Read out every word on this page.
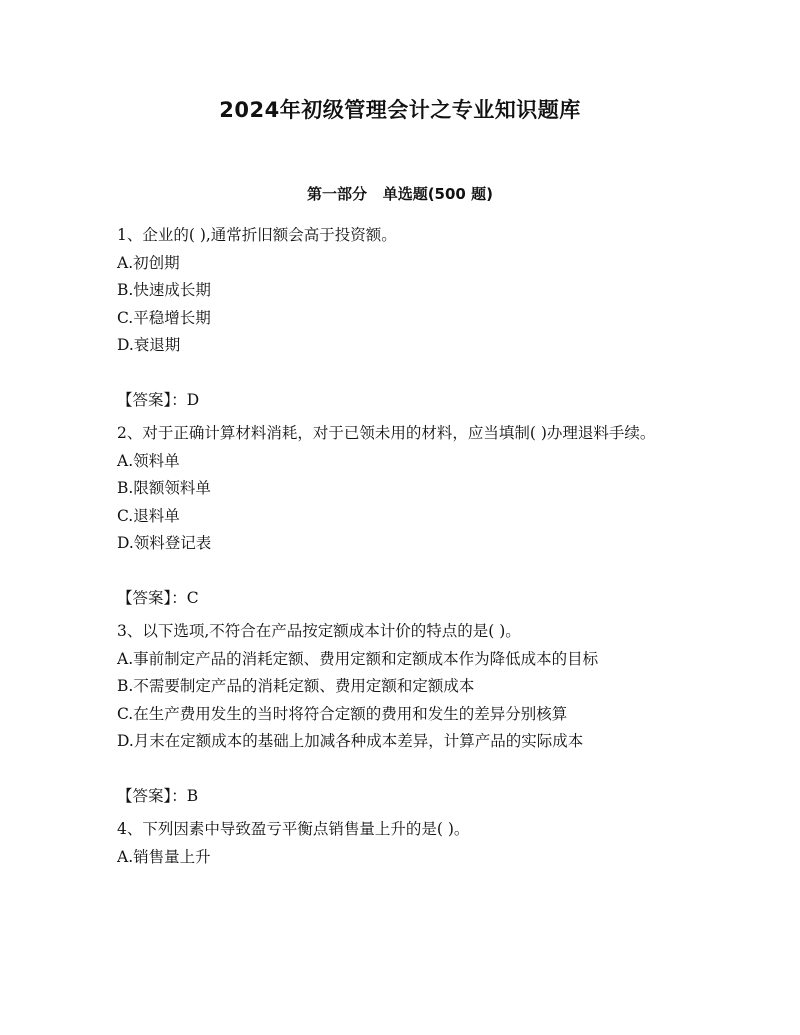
2024年初级管理会计之专业知识题库
第一部分   单选题(500 题)

1、企业的( ),通常折旧额会高于投资额。

A.初创期

B.快速成长期

C.平稳增长期

D.衰退期

【答案】：D

2、对于正确计算材料消耗，对于已领未用的材料，应当填制( )办理退料手续。

A.领料单

B.限额领料单

C.退料单

D.领料登记表

【答案】：C

3、以下选项,不符合在产品按定额成本计价的特点的是( )。

A.事前制定产品的消耗定额、费用定额和定额成本作为降低成本的目标

B.不需要制定产品的消耗定额、费用定额和定额成本

C.在生产费用发生的当时将符合定额的费用和发生的差异分别核算

D.月末在定额成本的基础上加减各种成本差异，计算产品的实际成本

【答案】：B

4、下列因素中导致盈亏平衡点销售量上升的是( )。

A.销售量上升
